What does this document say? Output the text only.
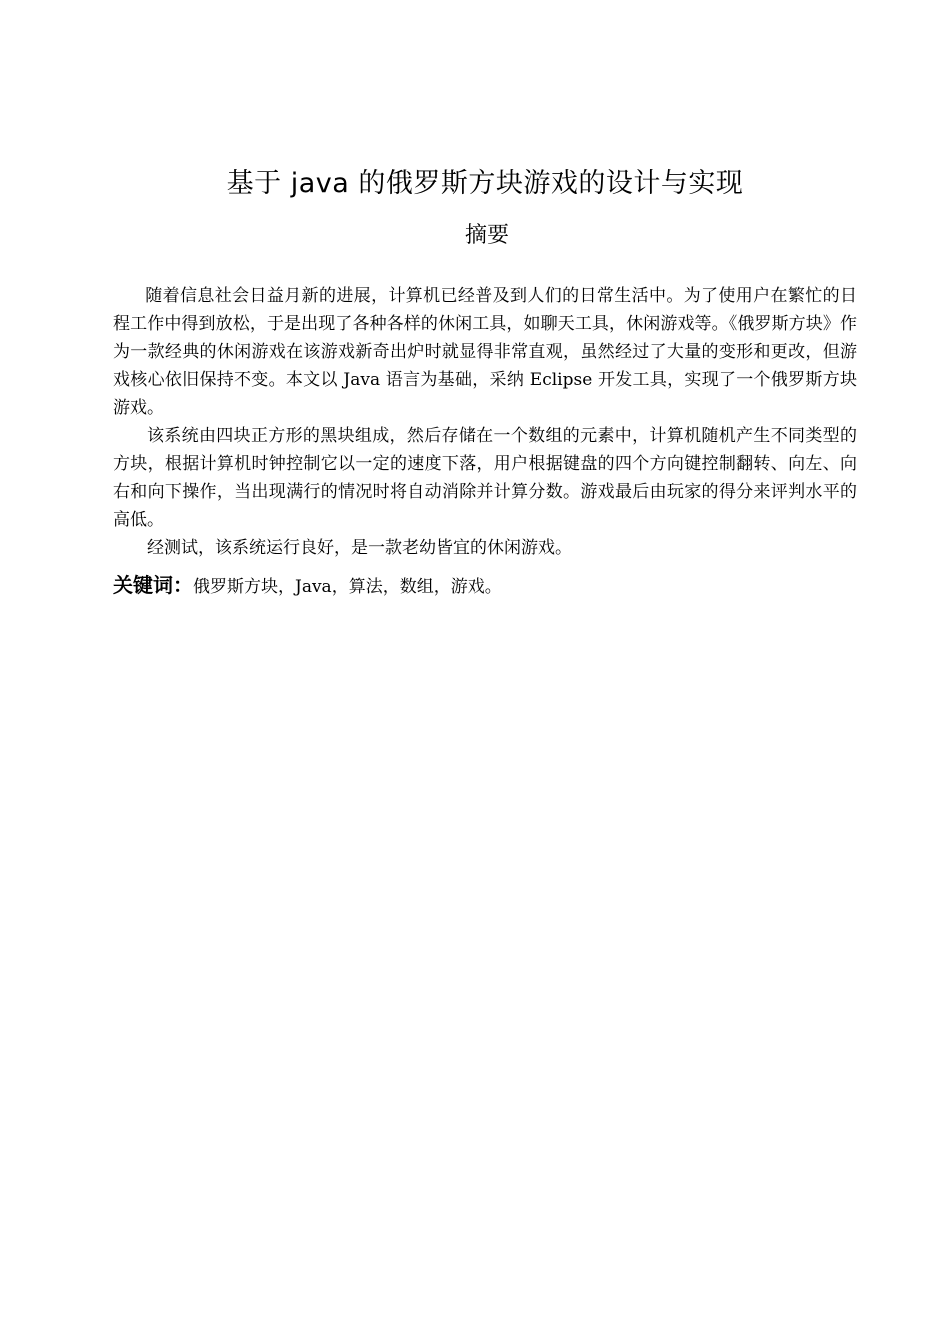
基于 java 的俄罗斯方块游戏的设计与实现
摘要

随着信息社会日益月新的进展，计算机已经普及到人们的日常生活中。为了使用户在繁忙的日程工作中得到放松，于是出现了各种各样的休闲工具，如聊天工具，休闲游戏等。《俄罗斯方块》作为一款经典的休闲游戏在该游戏新奇出炉时就显得非常直观，虽然经过了大量的变形和更改，但游戏核心依旧保持不变。本文以 Java 语言为基础，采纳 Eclipse 开发工具，实现了一个俄罗斯方块游戏。

该系统由四块正方形的黑块组成，然后存储在一个数组的元素中，计算机随机产生不同类型的方块，根据计算机时钟控制它以一定的速度下落，用户根据键盘的四个方向键控制翻转、向左、向右和向下操作，当出现满行的情况时将自动消除并计算分数。游戏最后由玩家的得分来评判水平的高低。

经测试，该系统运行良好，是一款老幼皆宜的休闲游戏。

关键词：俄罗斯方块，Java，算法，数组，游戏。
